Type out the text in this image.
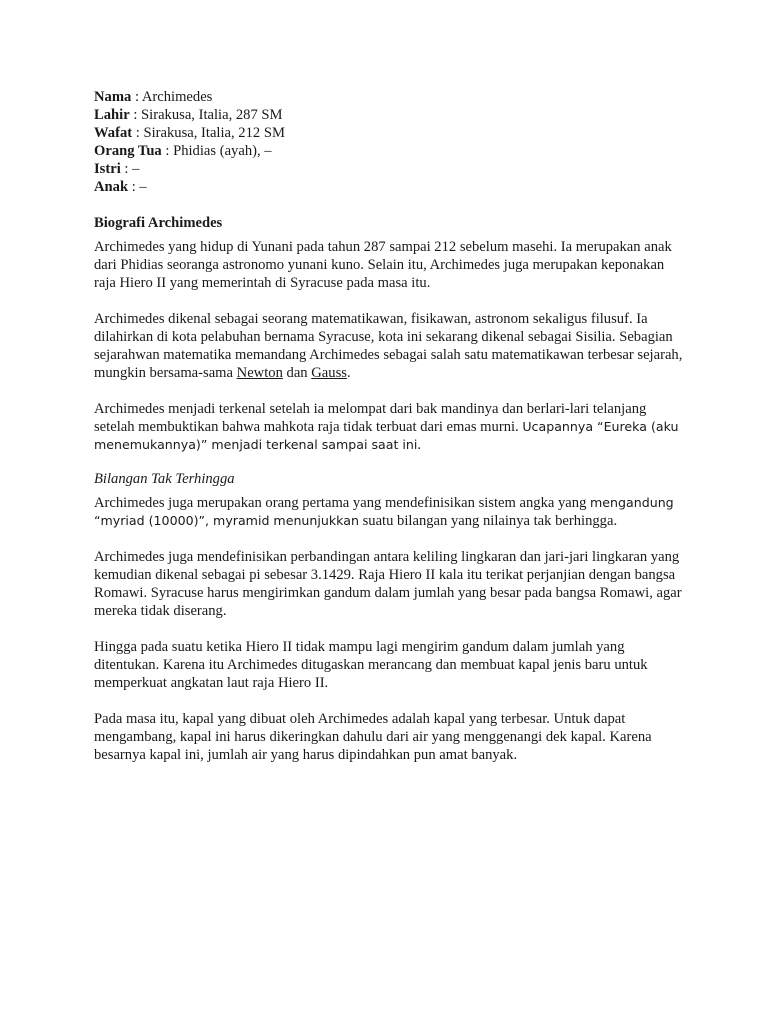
Nama : Archimedes

Lahir : Sirakusa, Italia, 287 SM

Wafat : Sirakusa, Italia, 212 SM

Orang Tua : Phidias (ayah), –

Istri : –

Anak : –

Biografi Archimedes

Archimedes yang hidup di Yunani pada tahun 287 sampai 212 sebelum masehi. Ia merupakan anak dari Phidias seoranga astronomo yunani kuno. Selain itu, Archimedes juga merupakan keponakan raja Hiero II yang memerintah di Syracuse pada masa itu.

Archimedes dikenal sebagai seorang matematikawan, fisikawan, astronom sekaligus filusuf. Ia dilahirkan di kota pelabuhan bernama Syracuse, kota ini sekarang dikenal sebagai Sisilia. Sebagian sejarahwan matematika memandang Archimedes sebagai salah satu matematikawan terbesar sejarah, mungkin bersama-sama Newton dan Gauss.

Archimedes menjadi terkenal setelah ia melompat dari bak mandinya dan berlari-lari telanjang setelah membuktikan bahwa mahkota raja tidak terbuat dari emas murni. Ucapannya “Eureka (aku menemukannya)” menjadi terkenal sampai saat ini.

Bilangan Tak Terhingga

Archimedes juga merupakan orang pertama yang mendefinisikan sistem angka yang mengandung “myriad (10000)”, myramid menunjukkan suatu bilangan yang nilainya tak berhingga.

Archimedes juga mendefinisikan perbandingan antara keliling lingkaran dan jari-jari lingkaran yang kemudian dikenal sebagai pi sebesar 3.1429. Raja Hiero II kala itu terikat perjanjian dengan bangsa Romawi. Syracuse harus mengirimkan gandum dalam jumlah yang besar pada bangsa Romawi, agar mereka tidak diserang.

Hingga pada suatu ketika Hiero II tidak mampu lagi mengirim gandum dalam jumlah yang ditentukan. Karena itu Archimedes ditugaskan merancang dan membuat kapal jenis baru untuk memperkuat angkatan laut raja Hiero II.

Pada masa itu, kapal yang dibuat oleh Archimedes adalah kapal yang terbesar. Untuk dapat mengambang, kapal ini harus dikeringkan dahulu dari air yang menggenangi dek kapal. Karena besarnya kapal ini, jumlah air yang harus dipindahkan pun amat banyak.
